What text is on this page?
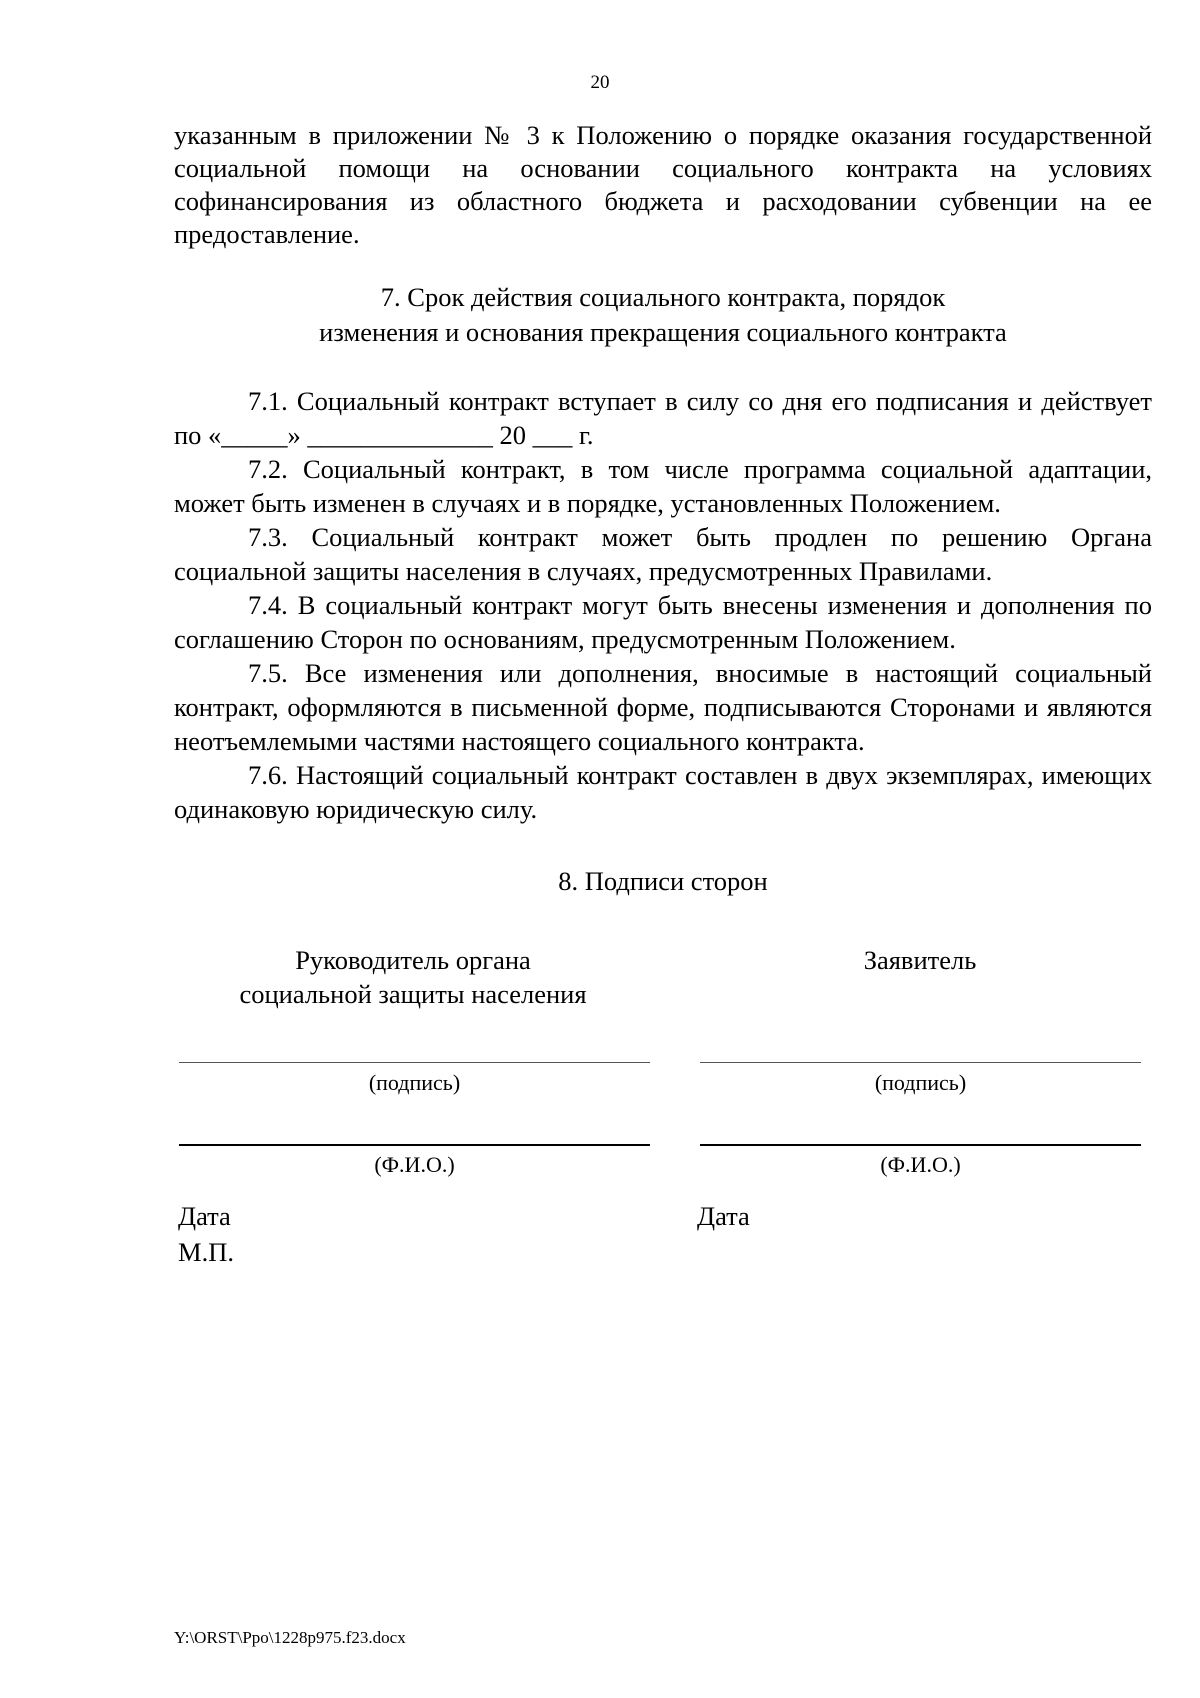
20

указанным в приложении № 3 к Положению о порядке оказания государственной социальной помощи на основании социального контракта на условиях софинансирования из областного бюджета и расходовании субвенции на ее предоставление.

7. Срок действия социального контракта, порядок
изменения и основания прекращения социального контракта

7.1. Социальный контракт вступает в силу со дня его подписания и действует по «_____» ______________ 20 ___ г.

7.2. Социальный контракт, в том числе программа социальной адаптации, может быть изменен в случаях и в порядке, установленных Положением.

7.3. Социальный контракт может быть продлен по решению Органа социальной защиты населения в случаях, предусмотренных Правилами.

7.4. В социальный контракт могут быть внесены изменения и дополнения по соглашению Сторон по основаниям, предусмотренным Положением.

7.5. Все изменения или дополнения, вносимые в настоящий социальный контракт, оформляются в письменной форме, подписываются Сторонами и являются неотъемлемыми частями настоящего социального контракта.

7.6. Настоящий социальный контракт составлен в двух экземплярах, имеющих одинаковую юридическую силу.

8. Подписи сторон
Руководитель органа
социальной защиты населения
(подпись)
(Ф.И.О.)
Дата
М.П.
Заявитель
(подпись)
(Ф.И.О.)
Дата
Y:\ORST\Ppo\1228p975.f23.docx
